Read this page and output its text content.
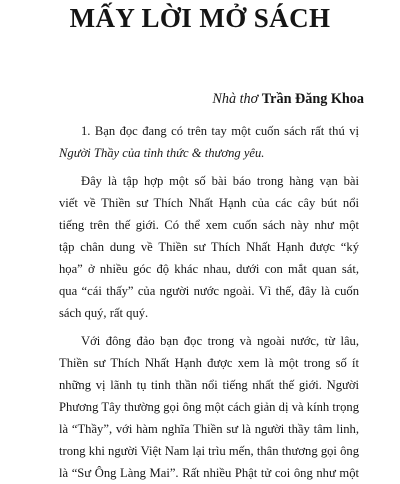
MẤY LỜI MỞ SÁCH
Nhà thơ Trần Đăng Khoa
1. Bạn đọc đang có trên tay một cuốn sách rất thú vị
Người Thầy của tỉnh thức & thương yêu.
Đây là tập hợp một số bài báo trong hàng vạn bài
viết về Thiền sư Thích Nhất Hạnh của các cây bút nổi
tiếng trên thế giới. Có thể xem cuốn sách này như một
tập chân dung về Thiền sư Thích Nhất Hạnh được “ký
họa” ở nhiều góc độ khác nhau, dưới con mắt quan sát,
qua “cái thấy” của người nước ngoài. Vì thế, đây là cuốn
sách quý, rất quý.
Với đông đảo bạn đọc trong và ngoài nước, từ lâu,
Thiền sư Thích Nhất Hạnh được xem là một trong số ít
những vị lãnh tụ tinh thần nổi tiếng nhất thế giới. Người
Phương Tây thường gọi ông một cách giản dị và kính trọng
là “Thầy”, với hàm nghĩa Thiền sư là người thầy tâm linh,
trong khi người Việt Nam lại trìu mến, thân thương gọi ông
là “Sư Ông Làng Mai”. Rất nhiều Phật tử coi ông như một
